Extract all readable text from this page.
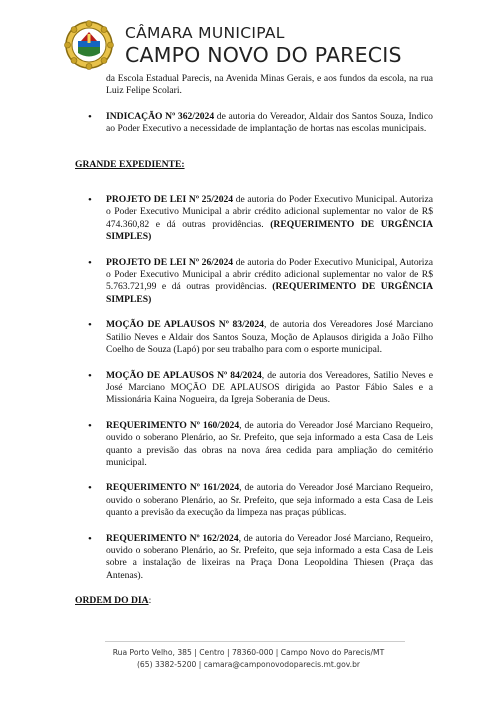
CÂMARA MUNICIPAL
CAMPO NOVO DO PARECIS

da Escola Estadual Parecis, na Avenida Minas Gerais, e aos fundos da escola, na rua Luiz Felipe Scolari.

• INDICAÇÃO Nº 362/2024 de autoria do Vereador, Aldair dos Santos Souza, Indico ao Poder Executivo a necessidade de implantação de hortas nas escolas municipais.

GRANDE EXPEDIENTE:

• PROJETO DE LEI Nº 25/2024 de autoria do Poder Executivo Municipal. Autoriza o Poder Executivo Municipal a abrir crédito adicional suplementar no valor de R$ 474.360,82 e dá outras providências. (REQUERIMENTO DE URGÊNCIA SIMPLES)

• PROJETO DE LEI Nº 26/2024 de autoria do Poder Executivo Municipal, Autoriza o Poder Executivo Municipal a abrir crédito adicional suplementar no valor de R$ 5.763.721,99 e dá outras providências. (REQUERIMENTO DE URGÊNCIA SIMPLES)

• MOÇÃO DE APLAUSOS Nº 83/2024, de autoria dos Vereadores José Marciano Satilio Neves e Aldair dos Santos Souza, Moção de Aplausos dirigida a João Filho Coelho de Souza (Lapó) por seu trabalho para com o esporte municipal.

• MOÇÃO DE APLAUSOS Nº 84/2024, de autoria dos Vereadores, Satilio Neves e José Marciano MOÇÃO DE APLAUSOS dirigida ao Pastor Fábio Sales e a Missionária Kaina Nogueira, da Igreja Soberania de Deus.

• REQUERIMENTO Nº 160/2024, de autoria do Vereador José Marciano Requeiro, ouvido o soberano Plenário, ao Sr. Prefeito, que seja informado a esta Casa de Leis quanto a previsão das obras na nova área cedida para ampliação do cemitério municipal.

• REQUERIMENTO Nº 161/2024, de autoria do Vereador José Marciano Requeiro, ouvido o soberano Plenário, ao Sr. Prefeito, que seja informado a esta Casa de Leis quanto a previsão da execução da limpeza nas praças públicas.

• REQUERIMENTO Nº 162/2024, de autoria do Vereador José Marciano, Requeiro, ouvido o soberano Plenário, ao Sr. Prefeito, que seja informado a esta Casa de Leis sobre a instalação de lixeiras na Praça Dona Leopoldina Thiesen (Praça das Antenas).

ORDEM DO DIA:

Rua Porto Velho, 385 | Centro | 78360-000 | Campo Novo do Parecis/MT
(65) 3382-5200 | camara@camponovodoparecis.mt.gov.br
